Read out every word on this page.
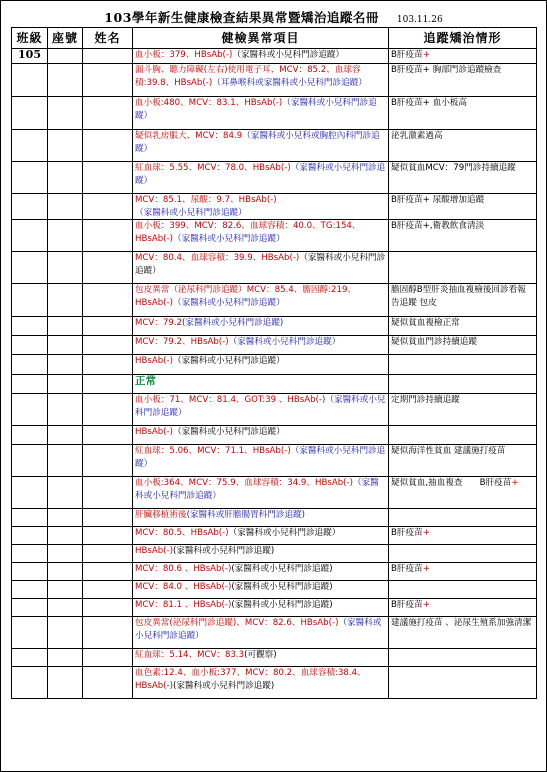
103學年新生健康檢查結果異常暨矯治追蹤名冊 103.11.26
班級	座號	姓名	健檢異常項目	追蹤矯治情形
105			血小板：379、HBsAb(-)（家醫科或小兒科門診追蹤）	B肝疫苗+

	漏斗胸、聽力障礙(左右)使用電子耳、MCV：85.2、血球容積:39.8、HBsAb(-)（耳鼻喉科或家醫科或小兒科門診追蹤）	B肝疫苗+ 胸部門診追蹤檢查

	血小板:480、MCV：83.1、HBsAb(-)（家醫科或小兒科門診追蹤）	B肝疫苗+ 血小板高

	疑似乳房脹大、MCV：84.9（家醫科或小兒科或胸腔內科門診追蹤）	泌乳激素過高

	紅血球：5.55、MCV：78.0、HBsAb(-)（家醫科或小兒科門診追蹤）	疑似貧血MCV：79門診持續追蹤

	MCV：85.1、尿酸：9.7、HBsAb(-)（家醫科或小兒科門診追蹤）	B肝疫苗+ 尿酸增加追蹤

	血小板：399、MCV：82.6、血球容積：40.0、TG:154、HBsAb(-)（家醫科或小兒科門診追蹤）	B肝疫苗+,衛教飲食清淡

	MCV：80.4、血球容積：39.9、HBsAb(-)（家醫科或小兒科門診追蹤）	

	包皮異常（泌尿科門診追蹤）MCV：85.4、膽固醇:219、 HBsAb(-)（家醫科或小兒科門診追蹤）	膽固醇B型肝炎抽血複檢後回診看報告追蹤 包皮

	MCV：79.2(家醫科或小兒科門診追蹤)	疑似貧血複檢正常

	MCV：79.2、HBsAb(-)（家醫科或小兒科門診追蹤）	疑似貧血門診持續追蹤

	HBsAb(-)（家醫科或小兒科門診追蹤）	
			正常	

	血小板：71、MCV：81.4、GOT:39 、HBsAb(-)（家醫科或小兒科門診追蹤）	定期門診持續追蹤

	HBsAb(-)（家醫科或小兒科門診追蹤）	

	紅血球：5.06、MCV：71.1、HBsAb(-)（家醫科或小兒科門診追蹤）	疑似海洋性貧血 建議施打疫苗

	血小板:364、MCV：75.9、血球容積：34.9、HBsAb(-)（家醫科或小兒科門診追蹤）	疑似貧血,抽血複查　　B肝疫苗+

	肝臟移植術後(家醫科或肝膽腸胃科門診追蹤)	

	MCV：80.5、HBsAb(-)（家醫科或小兒科門診追蹤）	B肝疫苗+

	HBsAb(-)(家醫科或小兒科門診追蹤)	

	MCV：80.6 、HBsAb(-)(家醫科或小兒科門診追蹤)	B肝疫苗+

	MCV：84.0 、HBsAb(-)(家醫科或小兒科門診追蹤)	

	MCV：81.1 、HBsAb(-)(家醫科或小兒科門診追蹤)	B肝疫苗+

	包皮異常(泌尿科門診追蹤)、MCV：82.6、HBsAb(-)（家醫科或小兒科門診追蹤）	建議施打疫苗 、泌尿生殖系加強清潔

	紅血球：5.14、MCV：83.3(可觀察)	

	血色素:12.4、血小板:377、MCV：80.2、血球容積:38.4、HBsAb(-)(家醫科或小兒科門診追蹤)	
